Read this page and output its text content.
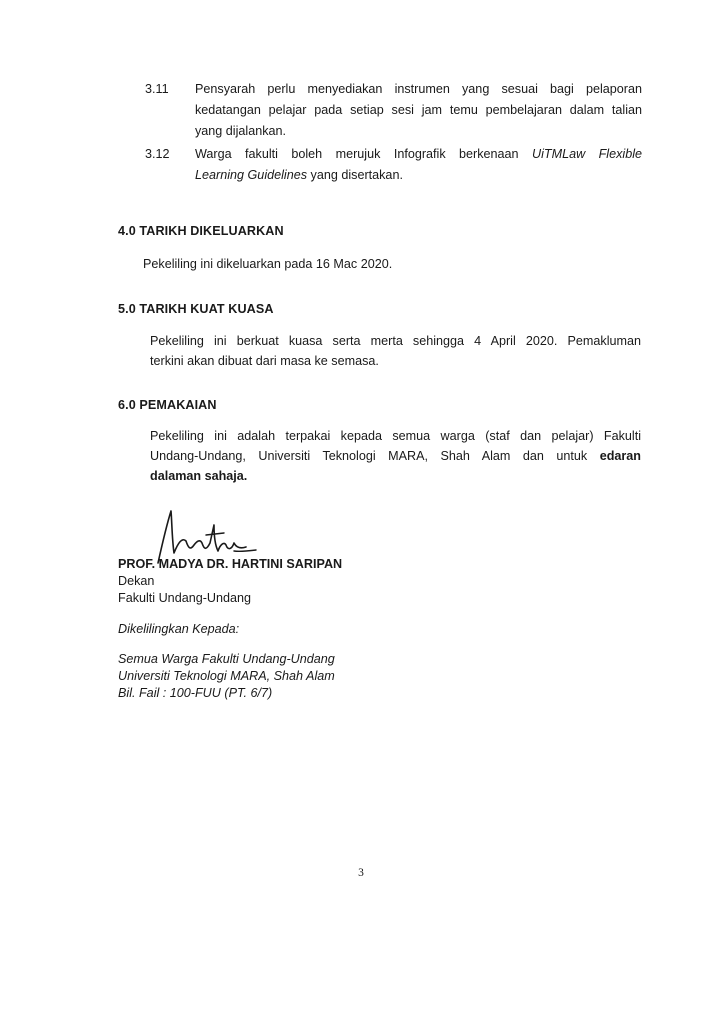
3.11	Pensyarah perlu menyediakan instrumen yang sesuai bagi pelaporan
kedatangan pelajar pada setiap sesi jam temu pembelajaran dalam talian
yang dijalankan.
3.12	Warga fakulti boleh merujuk Infografik berkenaan UiTMLaw Flexible
Learning Guidelines yang disertakan.
4.0 TARIKH DIKELUARKAN
Pekeliling ini dikeluarkan pada 16 Mac 2020.
5.0 TARIKH KUAT KUASA
Pekeliling ini berkuat kuasa serta merta sehingga 4 April 2020. Pemakluman
terkini akan dibuat dari masa ke semasa.
6.0 PEMAKAIAN
Pekeliling ini adalah terpakai kepada semua warga (staf dan pelajar) Fakulti
Undang-Undang, Universiti Teknologi MARA, Shah Alam dan untuk edaran
dalaman sahaja.
PROF. MADYA DR. HARTINI SARIPAN
Dekan
Fakulti Undang-Undang
Dikelilingkan Kepada:
Semua Warga Fakulti Undang-Undang
Universiti Teknologi MARA, Shah Alam
Bil. Fail : 100-FUU (PT. 6/7)
3
